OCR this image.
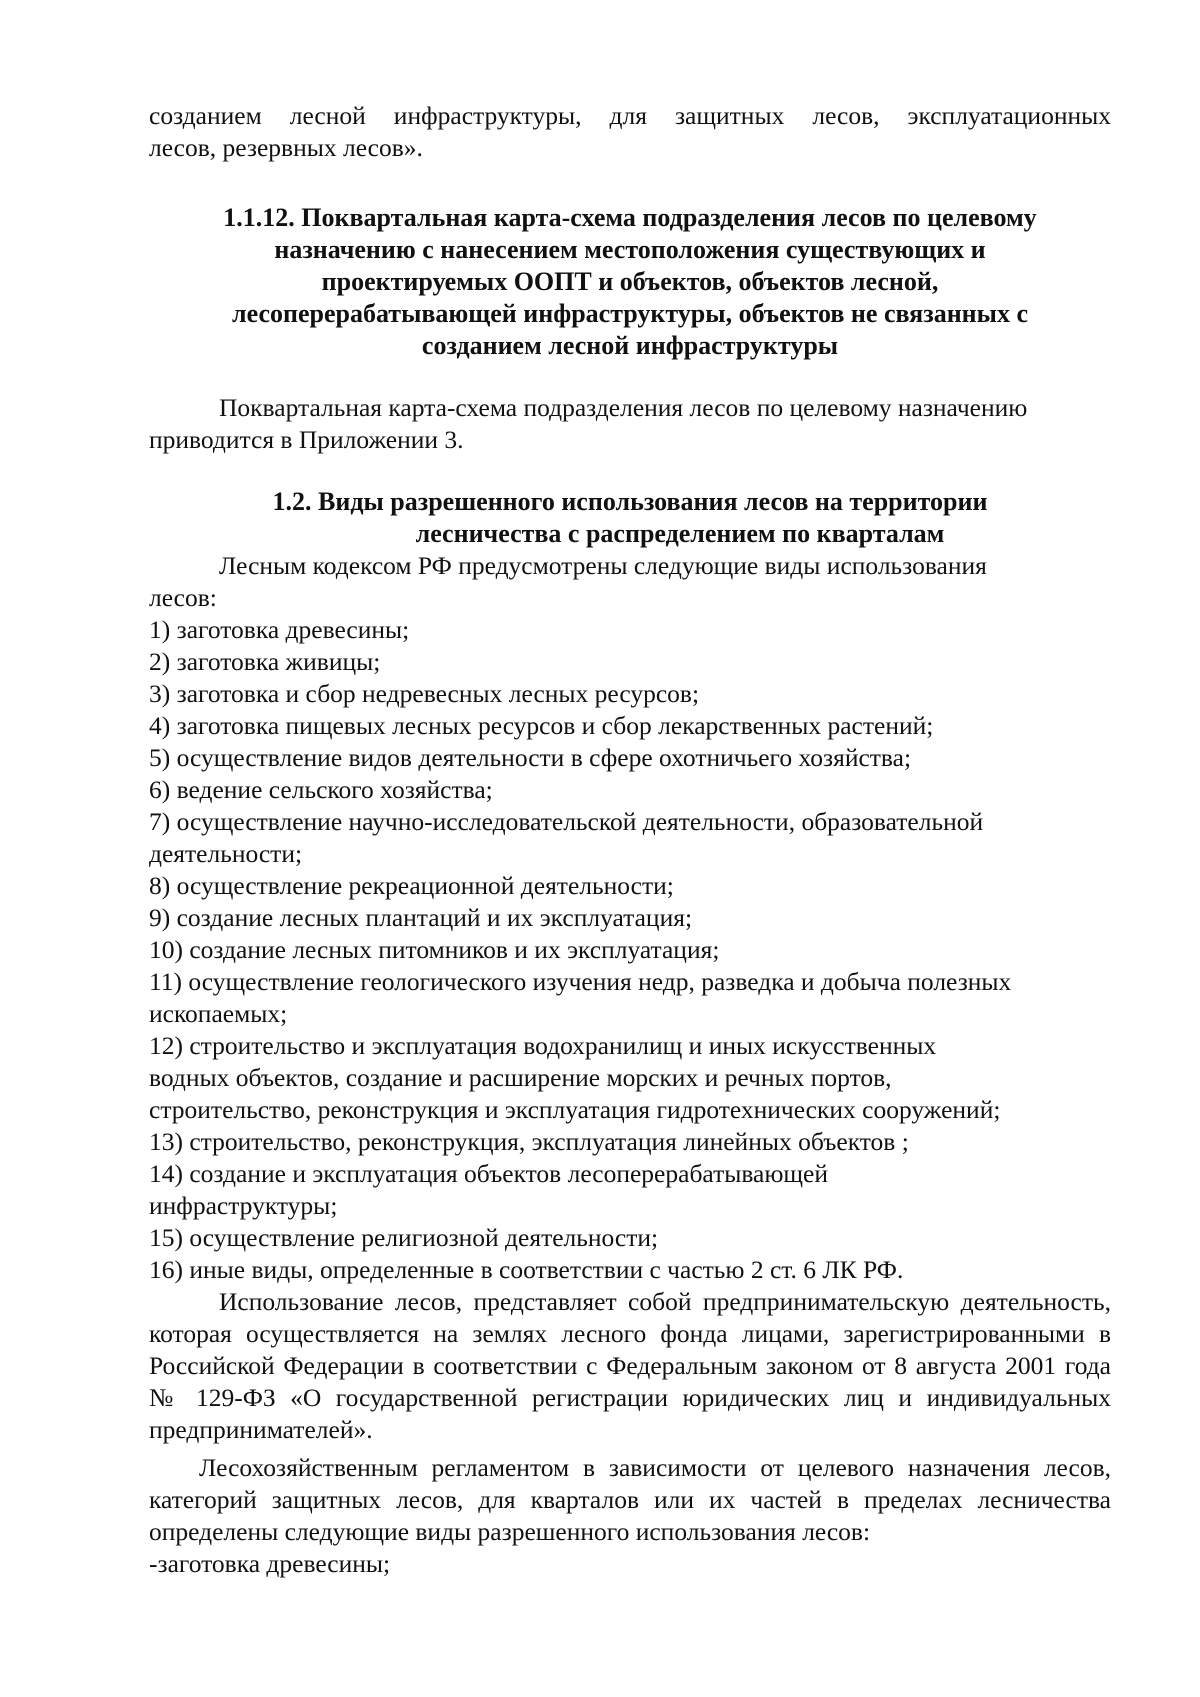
созданием лесной инфраструктуры, для защитных лесов, эксплуатационных
лесов, резервных лесов».

1.1.12. Поквартальная карта-схема подразделения лесов по целевому
назначению с нанесением местоположения существующих и
проектируемых ООПТ и объектов, объектов лесной,
лесоперерабатывающей инфраструктуры, объектов не связанных с
созданием лесной инфраструктуры

Поквартальная карта-схема подразделения лесов по целевому назначению
приводится в Приложении 3.

1.2. Виды разрешенного использования лесов на территории
лесничества с распределением по кварталам

Лесным кодексом РФ предусмотрены следующие виды использования
лесов:

1) заготовка древесины;
2) заготовка живицы;
3) заготовка и сбор недревесных лесных ресурсов;
4) заготовка пищевых лесных ресурсов и сбор лекарственных растений;
5) осуществление видов деятельности в сфере охотничьего хозяйства;
6) ведение сельского хозяйства;
7) осуществление научно-исследовательской деятельности, образовательной
деятельности;
8) осуществление рекреационной деятельности;
9) создание лесных плантаций и их эксплуатация;
10) создание лесных питомников и их эксплуатация;
11) осуществление геологического изучения недр, разведка и добыча полезных
ископаемых;
12) строительство и эксплуатация водохранилищ и иных искусственных
водных объектов, создание и расширение морских и речных портов,
строительство, реконструкция и эксплуатация гидротехнических сооружений;
13) строительство, реконструкция, эксплуатация линейных объектов ;
14) создание и эксплуатация объектов лесоперерабатывающей
инфраструктуры;
15) осуществление религиозной деятельности;
16) иные виды, определенные в соответствии с частью 2 ст. 6 ЛК РФ.

Использование лесов, представляет собой предпринимательскую деятельность, которая осуществляется на землях лесного фонда лицами, зарегистрированными в Российской Федерации в соответствии с Федеральным законом от 8 августа 2001 года № 129-ФЗ «О государственной регистрации юридических лиц и индивидуальных предпринимателей».

Лесохозяйственным регламентом в зависимости от целевого назначения лесов, категорий защитных лесов, для кварталов или их частей в пределах лесничества определены следующие виды разрешенного использования лесов:

-заготовка древесины;
